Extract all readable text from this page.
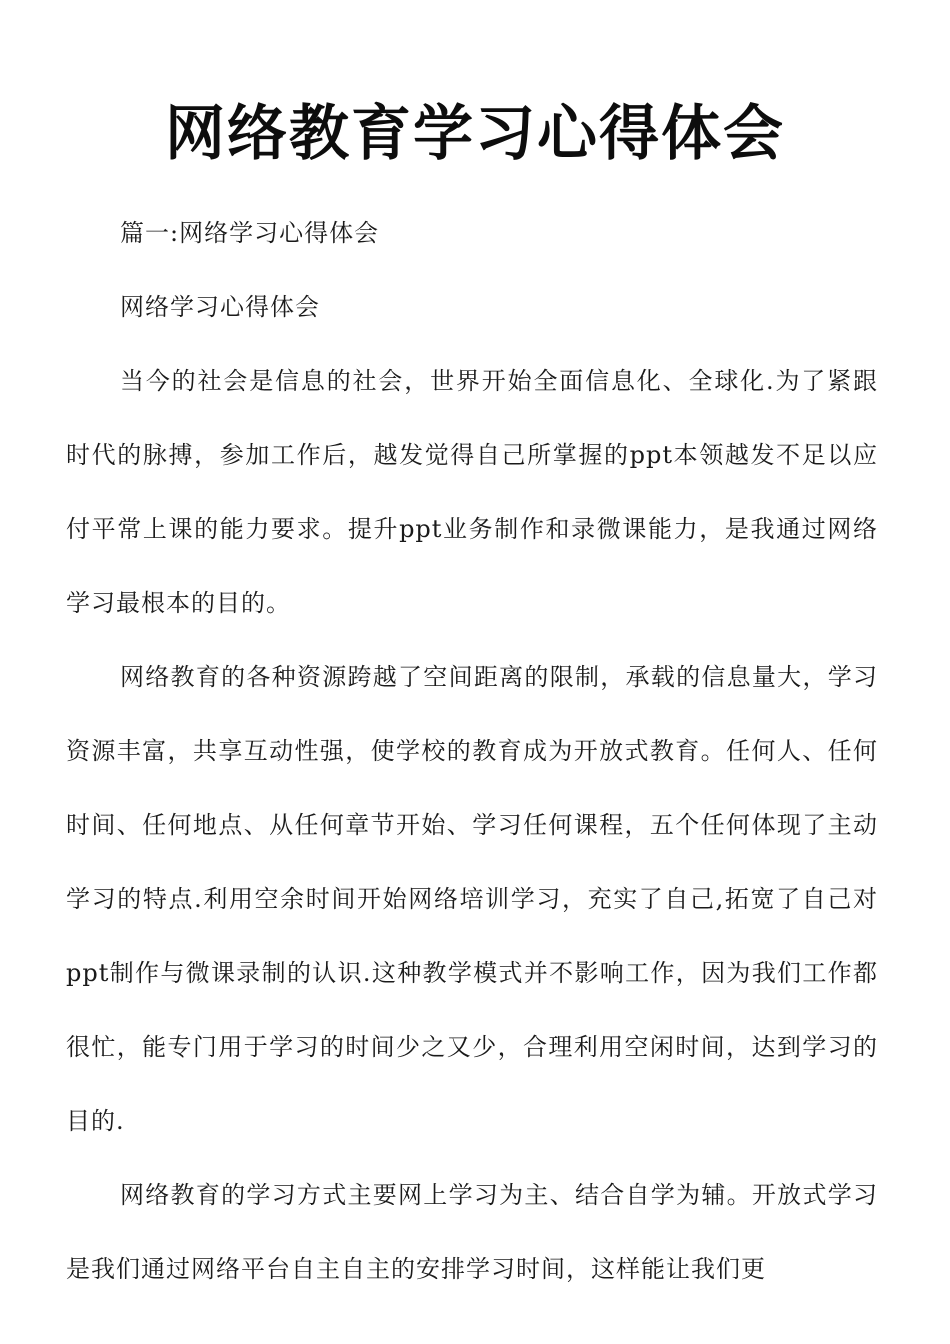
网络教育学习心得体会

篇一:网络学习心得体会

网络学习心得体会

当今的社会是信息的社会，世界开始全面信息化、全球化.为了紧跟时代的脉搏，参加工作后，越发觉得自己所掌握的ppt本领越发不足以应付平常上课的能力要求。提升ppt业务制作和录微课能力，是我通过网络学习最根本的目的。

网络教育的各种资源跨越了空间距离的限制，承载的信息量大，学习资源丰富，共享互动性强，使学校的教育成为开放式教育。任何人、任何时间、任何地点、从任何章节开始、学习任何课程，五个任何体现了主动学习的特点.利用空余时间开始网络培训学习，充实了自己,拓宽了自己对ppt制作与微课录制的认识.这种教学模式并不影响工作，因为我们工作都很忙，能专门用于学习的时间少之又少，合理利用空闲时间，达到学习的目的.

网络教育的学习方式主要网上学习为主、结合自学为辅。开放式学习是我们通过网络平台自主自主的安排学习时间，这样能让我们更
